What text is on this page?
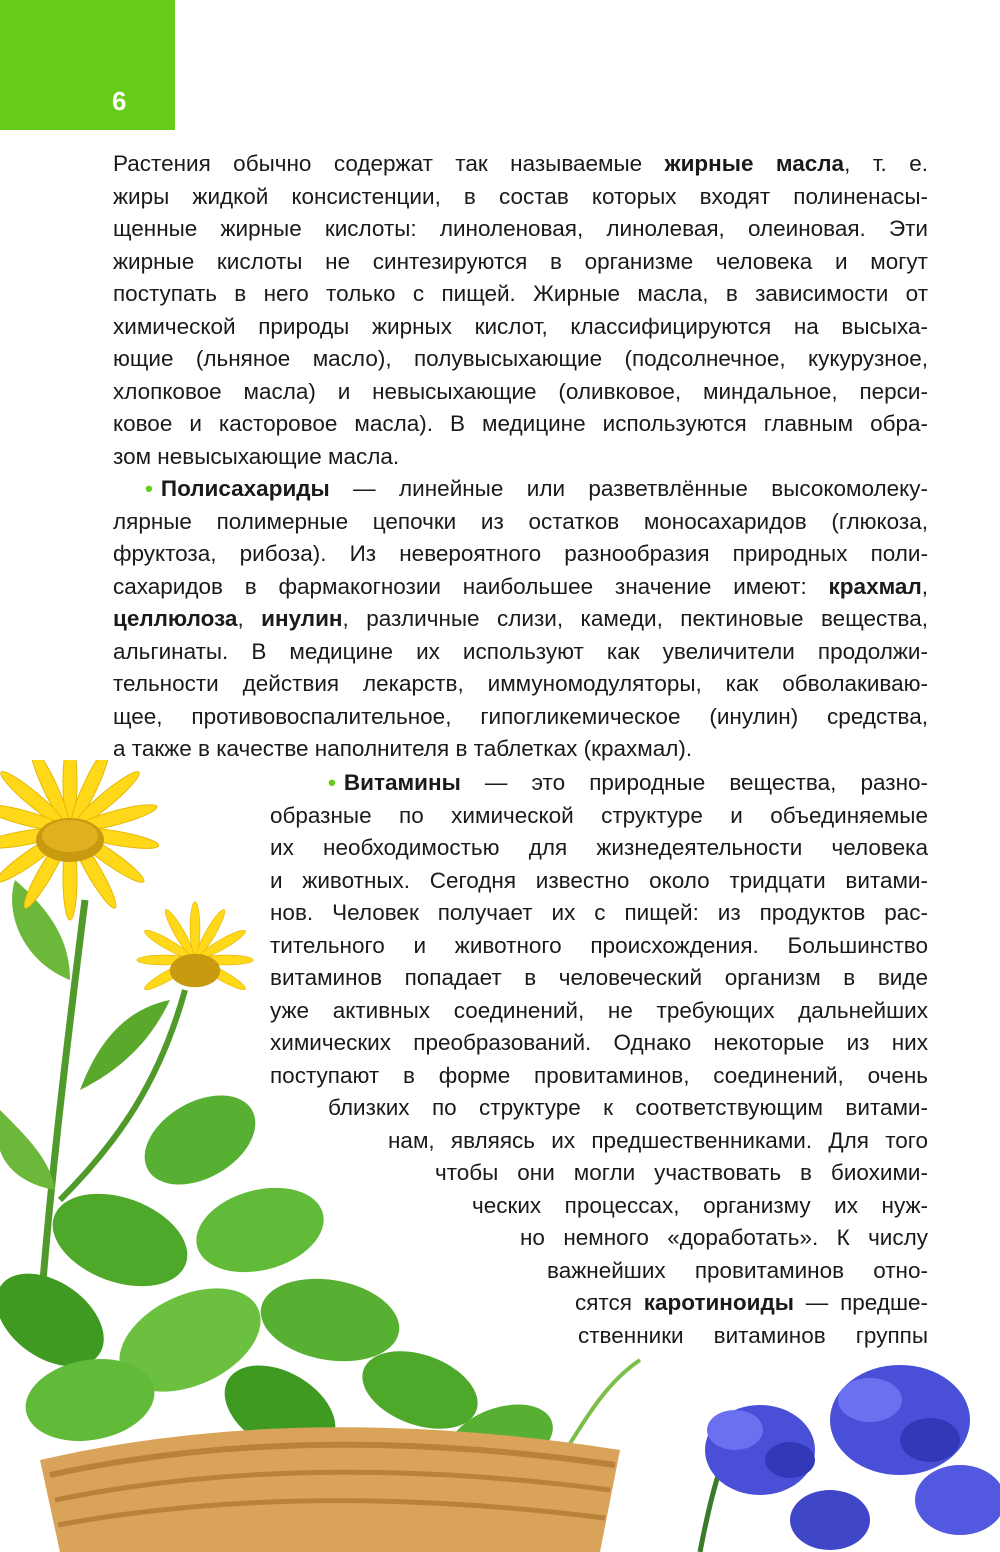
6
Растения обычно содержат так называемые жирные масла, т. е.
жиры жидкой консистенции, в состав которых входят полиненасы-
щенные жирные кислоты: линоленовая, линолевая, олеиновая. Эти
жирные кислоты не синтезируются в организме человека и могут
поступать в него только с пищей. Жирные масла, в зависимости от
химической природы жирных кислот, классифицируются на высыха-
ющие (льняное масло), полувысыхающие (подсолнечное, кукурузное,
хлопковое масла) и невысыхающие (оливковое, миндальное, перси-
ковое и касторовое масла). В медицине используются главным обра-
зом невысыхающие масла.
• Полисахариды — линейные или разветвлённые высокомолеку-
лярные полимерные цепочки из остатков моносахаридов (глюкоза,
фруктоза, рибоза). Из невероятного разнообразия природных поли-
сахаридов в фармакогнозии наибольшее значение имеют: крахмал,
целлюлоза, инулин, различные слизи, камеди, пектиновые вещества,
альгинаты. В медицине их используют как увеличители продолжи-
тельности действия лекарств, иммуномодуляторы, как обволакиваю-
щее, противовоспалительное, гипогликемическое (инулин) средства,
а также в качестве наполнителя в таблетках (крахмал).
• Витамины — это природные вещества, разно-
образные по химической структуре и объединяемые
их необходимостью для жизнедеятельности человека
и животных. Сегодня известно около тридцати витами-
нов. Человек получает их с пищей: из продуктов рас-
тительного и животного происхождения. Большинство
витаминов попадает в человеческий организм в виде
уже активных соединений, не требующих дальнейших
химических преобразований. Однако некоторые из них
поступают в форме провитаминов, соединений, очень
близких по структуре к соответствующим витами-
нам, являясь их предшественниками. Для того
чтобы они могли участвовать в биохими-
ческих процессах, организму их нуж-
но немного «доработать». К числу
важнейших провитаминов отно-
сятся каротиноиды — предше-
ственники витаминов группы
